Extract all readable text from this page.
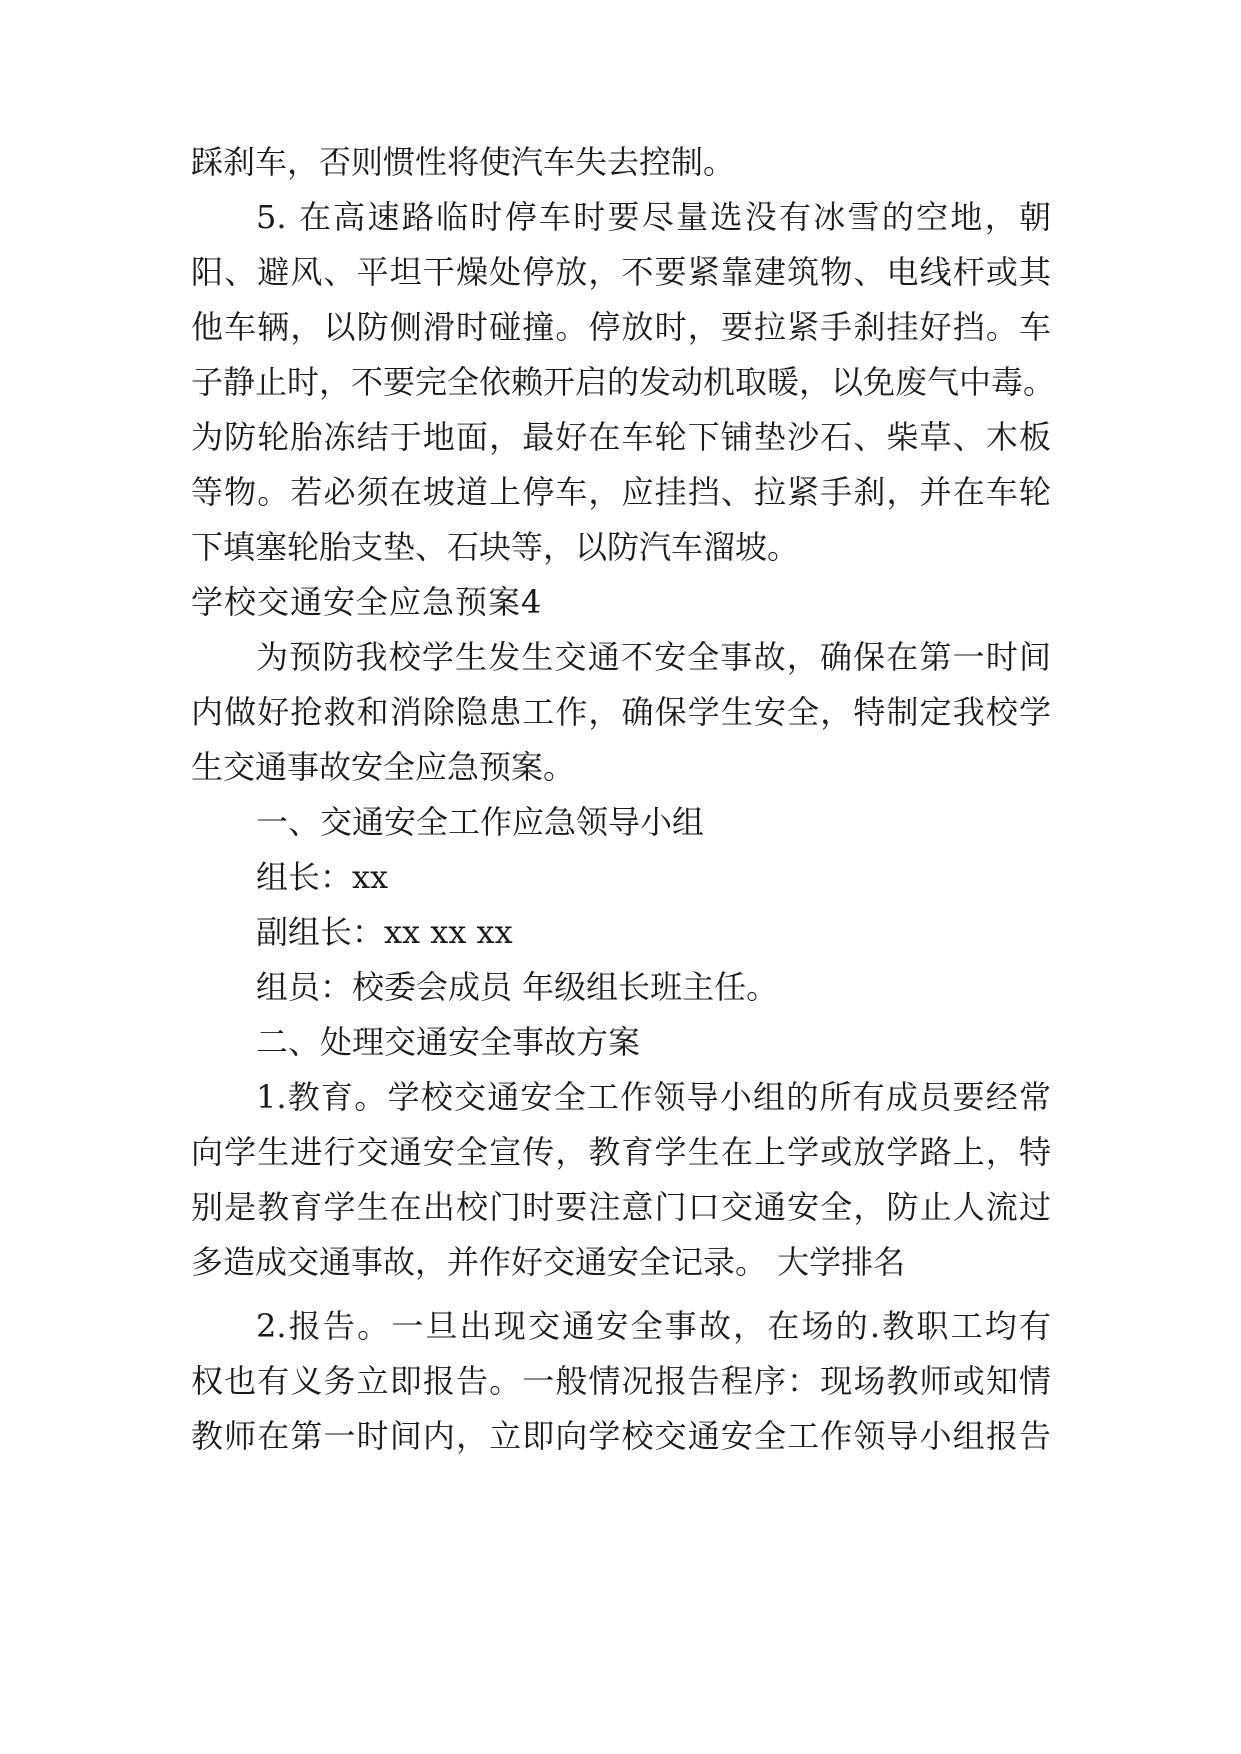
踩刹车，否则惯性将使汽车失去控制。
5. 在高速路临时停车时要尽量选没有冰雪的空地，朝
阳、避风、平坦干燥处停放，不要紧靠建筑物、电线杆或其
他车辆，以防侧滑时碰撞。停放时，要拉紧手刹挂好挡。车
子静止时，不要完全依赖开启的发动机取暖，以免废气中毒。
为防轮胎冻结于地面，最好在车轮下铺垫沙石、柴草、木板
等物。若必须在坡道上停车，应挂挡、拉紧手刹，并在车轮
下填塞轮胎支垫、石块等，以防汽车溜坡。
学校交通安全应急预案4
为预防我校学生发生交通不安全事故，确保在第一时间
内做好抢救和消除隐患工作，确保学生安全，特制定我校学
生交通事故安全应急预案。
一、交通安全工作应急领导小组
组长：xx
副组长：xx xx xx
组员：校委会成员 年级组长班主任。
二、处理交通安全事故方案
1.教育。学校交通安全工作领导小组的所有成员要经常
向学生进行交通安全宣传，教育学生在上学或放学路上，特
别是教育学生在出校门时要注意门口交通安全，防止人流过
多造成交通事故，并作好交通安全记录。 大学排名
2.报告。一旦出现交通安全事故，在场的.教职工均有
权也有义务立即报告。一般情况报告程序：现场教师或知情
教师在第一时间内，立即向学校交通安全工作领导小组报告
